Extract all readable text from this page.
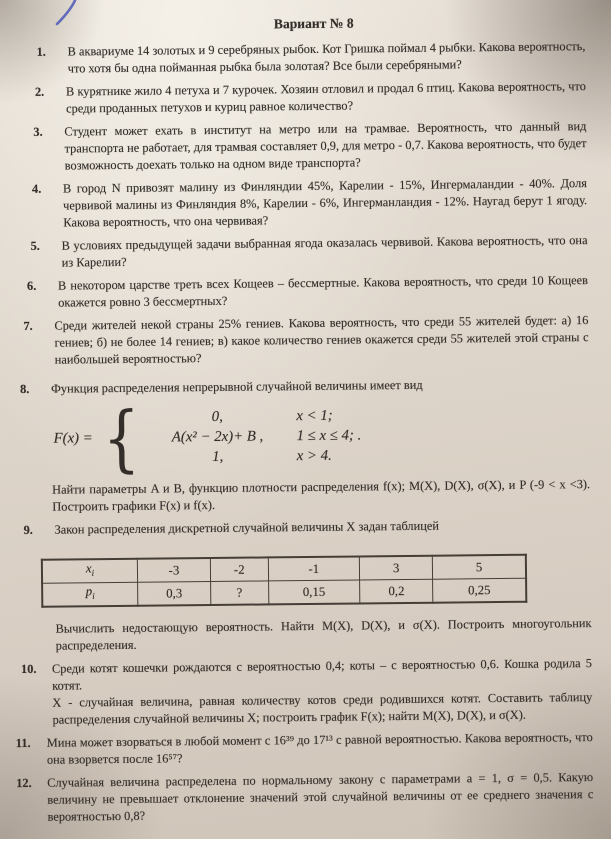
Вариант № 8
1.	В аквариуме 14 золотых и 9 серебряных рыбок. Кот Гришка поймал 4 рыбки. Какова вероятность, что хотя бы одна пойманная рыбка была золотая? Все были серебряными?

2.	В курятнике жило 4 петуха и 7 курочек. Хозяин отловил и продал 6 птиц. Какова вероятность, что среди проданных петухов и куриц равное количество?

3.	Студент может ехать в институт на метро или на трамвае. Вероятность, что данный вид транспорта не работает, для трамвая составляет 0,9, для метро - 0,7. Какова вероятность, что будет возможность доехать только на одном виде транспорта?

4.	В город N привозят малину из Финляндии 45%, Карелии - 15%, Ингермаландии - 40%. Доля червивой малины из Финляндия 8%, Карелии - 6%, Ингерманландия - 12%. Наугад берут 1 ягоду. Какова вероятность, что она червивая?

5.	В условиях предыдущей задачи выбранная ягода оказалась червивой. Какова вероятность, что она из Карелии?

6.	В некотором царстве треть всех Кощеев – бессмертные. Какова вероятность, что среди 10 Кощеев окажется ровно 3 бессмертных?

7.	Среди жителей некой страны 25% гениев. Какова вероятность, что среди 55 жителей будет: а) 16 гениев; б) не более 14 гениев; в) какое количество гениев окажется среди 55 жителей этой страны с наибольшей вероятностью?

8.	Функция распределения непрерывной случайной величины имеет вид

F(x) = {	0,	x < 1;
A(x² − 2x)+ B ,	1 ≤ x ≤ 4; .
1,	x > 4.

Найти параметры A и B, функцию плотности распределения f(x); M(X), D(X), σ(X), и P (-9 < x <3). Построить графики F(x) и f(x).

9.	Закон распределения дискретной случайной величины X задан таблицей

$x_i$	-3	-2	-1	3	5
$p_i$	0,3	?	0,15	0,2	0,25

Вычислить недостающую вероятность. Найти M(X), D(X), и σ(X). Построить многоугольник распределения.

10.	Среди котят кошечки рождаются с вероятностью 0,4; коты – с вероятностью 0,6. Кошка родила 5 котят.

X - случайная величина, равная количеству котов среди родившихся котят. Составить таблицу распределения случайной величины X; построить график F(x); найти M(X), D(X), и σ(X).

11.	Мина может взорваться в любой момент с 16³⁹ до 17¹³ с равной вероятностью. Какова вероятность, что она взорвется после 16⁵⁷?

12.	Случайная величина распределена по нормальному закону с параметрами a = 1, σ = 0,5. Какую величину не превышает отклонение значений этой случайной величины от ее среднего значения с вероятностью 0,8?
